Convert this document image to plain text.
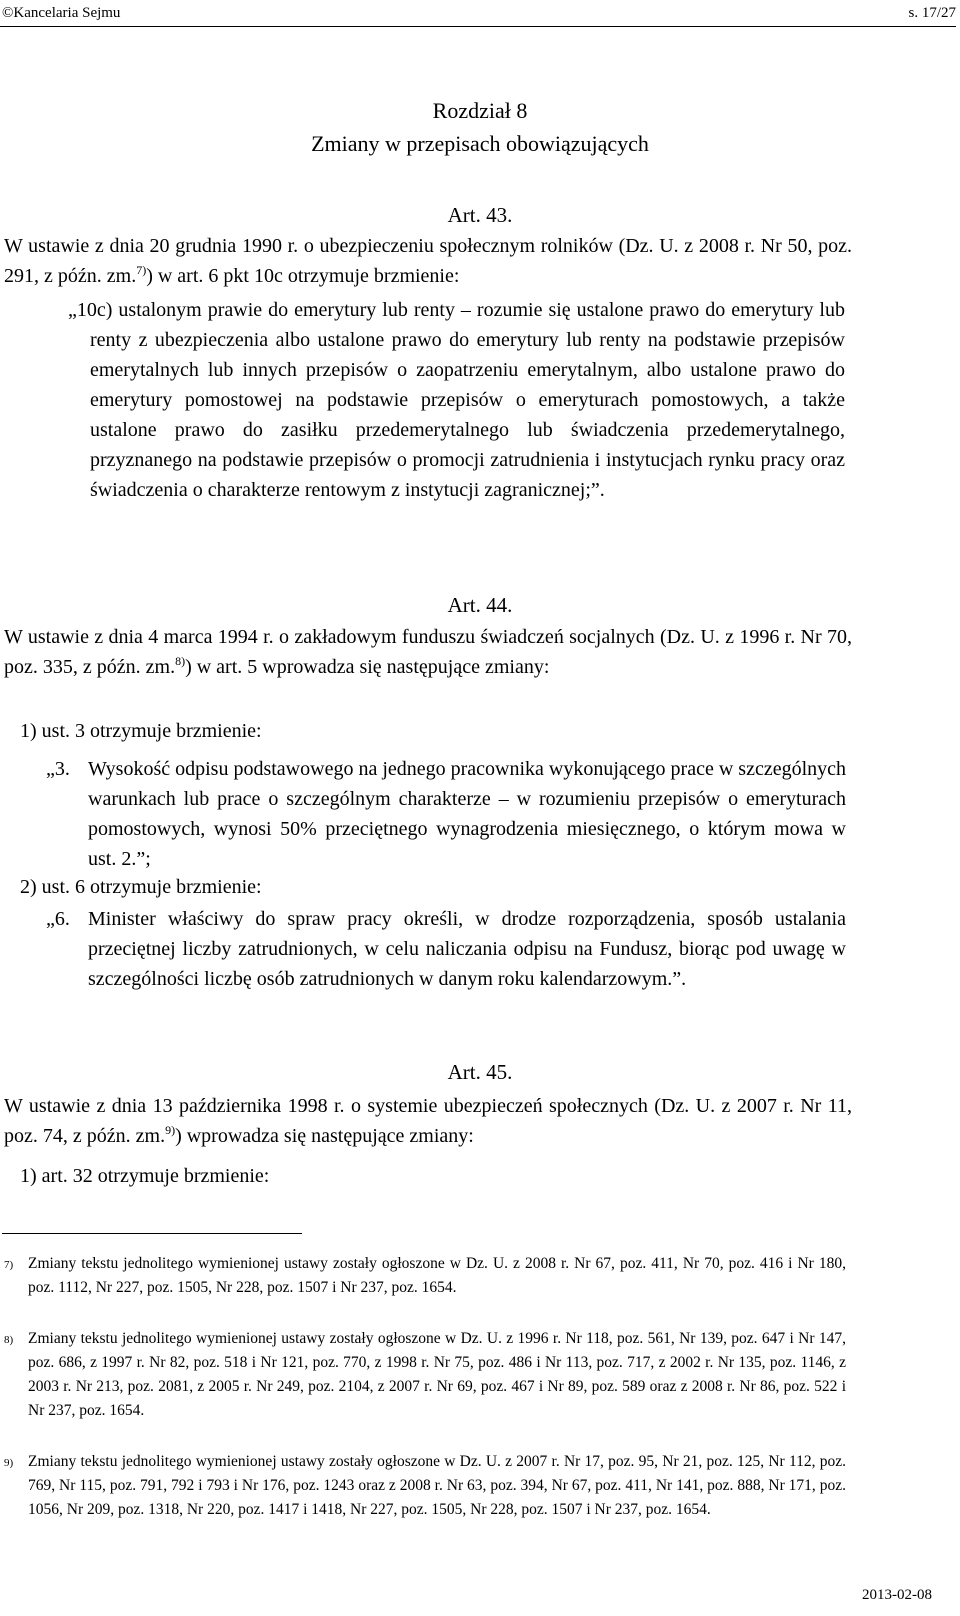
©Kancelaria Sejmu	s. 17/27
Rozdział 8
Zmiany w przepisach obowiązujących
Art. 43.
W ustawie z dnia 20 grudnia 1990 r. o ubezpieczeniu społecznym rolników (Dz. U. z 2008 r. Nr 50, poz. 291, z późn. zm.$^{7)}$) w art. 6 pkt 10c otrzymuje brzmienie:
„10c) ustalonym prawie do emerytury lub renty – rozumie się ustalone prawo do emerytury lub renty z ubezpieczenia albo ustalone prawo do emerytury lub renty na podstawie przepisów emerytalnych lub innych przepisów o zaopatrzeniu emerytalnym, albo ustalone prawo do emerytury pomostowej na podstawie przepisów o emeryturach pomostowych, a także ustalone prawo do zasiłku przedemerytalnego lub świadczenia przedemerytalnego, przyznanego na podstawie przepisów o promocji zatrudnienia i instytucjach rynku pracy oraz świadczenia o charakterze rentowym z instytucji zagranicznej;”.
Art. 44.
W ustawie z dnia 4 marca 1994 r. o zakładowym funduszu świadczeń socjalnych (Dz. U. z 1996 r. Nr 70, poz. 335, z późn. zm.$^{8)}$) w art. 5 wprowadza się następujące zmiany:
1) ust. 3 otrzymuje brzmienie:
„3. Wysokość odpisu podstawowego na jednego pracownika wykonującego prace w szczególnych warunkach lub prace o szczególnym charakterze – w rozumieniu przepisów o emeryturach pomostowych, wynosi 50% przeciętnego wynagrodzenia miesięcznego, o którym mowa w ust. 2.”;
2) ust. 6 otrzymuje brzmienie:
„6. Minister właściwy do spraw pracy określi, w drodze rozporządzenia, sposób ustalania przeciętnej liczby zatrudnionych, w celu naliczania odpisu na Fundusz, biorąc pod uwagę w szczególności liczbę osób zatrudnionych w danym roku kalendarzowym.”.
Art. 45.
W ustawie z dnia 13 października 1998 r. o systemie ubezpieczeń społecznych (Dz. U. z 2007 r. Nr 11, poz. 74, z późn. zm.$^{9)}$) wprowadza się następujące zmiany:
1) art. 32 otrzymuje brzmienie:
7) Zmiany tekstu jednolitego wymienionej ustawy zostały ogłoszone w Dz. U. z 2008 r. Nr 67, poz. 411, Nr 70, poz. 416 i Nr 180, poz. 1112, Nr 227, poz. 1505, Nr 228, poz. 1507 i Nr 237, poz. 1654.
8) Zmiany tekstu jednolitego wymienionej ustawy zostały ogłoszone w Dz. U. z 1996 r. Nr 118, poz. 561, Nr 139, poz. 647 i Nr 147, poz. 686, z 1997 r. Nr 82, poz. 518 i Nr 121, poz. 770, z 1998 r. Nr 75, poz. 486 i Nr 113, poz. 717, z 2002 r. Nr 135, poz. 1146, z 2003 r. Nr 213, poz. 2081, z 2005 r. Nr 249, poz. 2104, z 2007 r. Nr 69, poz. 467 i Nr 89, poz. 589 oraz z 2008 r. Nr 86, poz. 522 i Nr 237, poz. 1654.
9) Zmiany tekstu jednolitego wymienionej ustawy zostały ogłoszone w Dz. U. z 2007 r. Nr 17, poz. 95, Nr 21, poz. 125, Nr 112, poz. 769, Nr 115, poz. 791, 792 i 793 i Nr 176, poz. 1243 oraz z 2008 r. Nr 63, poz. 394, Nr 67, poz. 411, Nr 141, poz. 888, Nr 171, poz. 1056, Nr 209, poz. 1318, Nr 220, poz. 1417 i 1418, Nr 227, poz. 1505, Nr 228, poz. 1507 i Nr 237, poz. 1654.
2013-02-08
